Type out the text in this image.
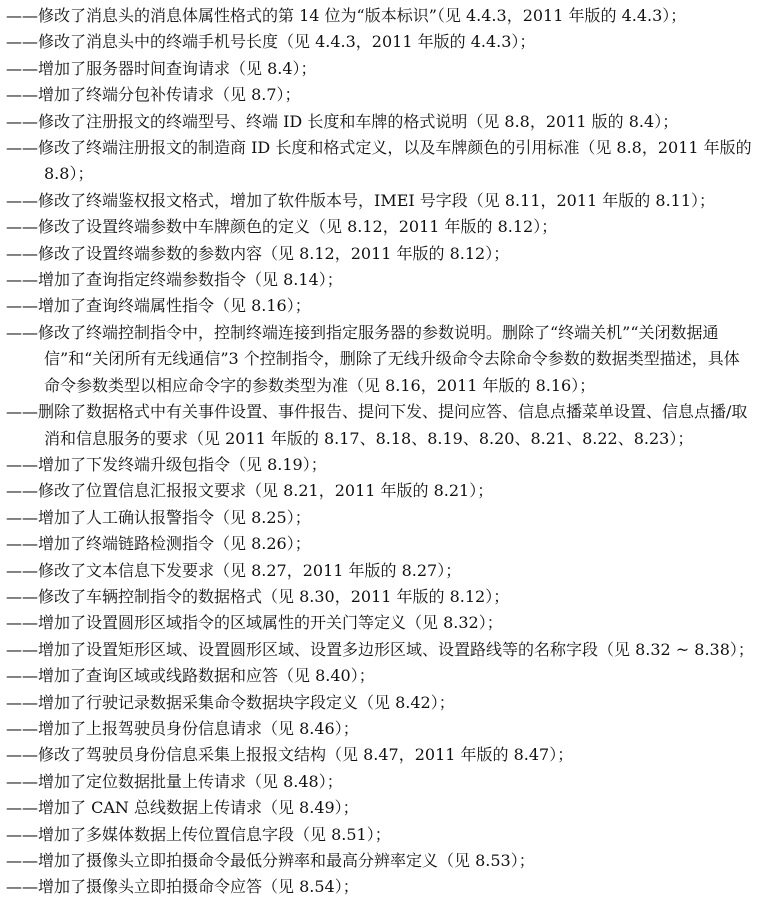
——修改了消息头的消息体属性格式的第 14 位为“版本标识”（见 4.4.3，2011 年版的 4.4.3）；

——修改了消息头中的终端手机号长度（见 4.4.3，2011 年版的 4.4.3）；

——增加了服务器时间查询请求（见 8.4）；

——增加了终端分包补传请求（见 8.7）；

——修改了注册报文的终端型号、终端 ID 长度和车牌的格式说明（见 8.8，2011 版的 8.4）；

——修改了终端注册报文的制造商 ID 长度和格式定义，以及车牌颜色的引用标准（见 8.8，2011 年版的 8.8）；

——修改了终端鉴权报文格式，增加了软件版本号，IMEI 号字段（见 8.11，2011 年版的 8.11）；

——修改了设置终端参数中车牌颜色的定义（见 8.12，2011 年版的 8.12）；

——修改了设置终端参数的参数内容（见 8.12，2011 年版的 8.12）；

——增加了查询指定终端参数指令（见 8.14）；

——增加了查询终端属性指令（见 8.16）；

——修改了终端控制指令中，控制终端连接到指定服务器的参数说明。删除了“终端关机”“关闭数据通信”和“关闭所有无线通信”3 个控制指令，删除了无线升级命令去除命令参数的数据类型描述，具体命令参数类型以相应命令字的参数类型为准（见 8.16，2011 年版的 8.16）；

——删除了数据格式中有关事件设置、事件报告、提问下发、提问应答、信息点播菜单设置、信息点播/取消和信息服务的要求（见 2011 年版的 8.17、8.18、8.19、8.20、8.21、8.22、8.23）；

——增加了下发终端升级包指令（见 8.19）；

——修改了位置信息汇报报文要求（见 8.21，2011 年版的 8.21）；

——增加了人工确认报警指令（见 8.25）；

——增加了终端链路检测指令（见 8.26）；

——修改了文本信息下发要求（见 8.27，2011 年版的 8.27）；

——修改了车辆控制指令的数据格式（见 8.30，2011 年版的 8.12）；

——增加了设置圆形区域指令的区域属性的开关门等定义（见 8.32）；

——增加了设置矩形区域、设置圆形区域、设置多边形区域、设置路线等的名称字段（见 8.32 ~ 8.38）；

——增加了查询区域或线路数据和应答（见 8.40）；

——增加了行驶记录数据采集命令数据块字段定义（见 8.42）；

——增加了上报驾驶员身份信息请求（见 8.46）；

——修改了驾驶员身份信息采集上报报文结构（见 8.47，2011 年版的 8.47）；

——增加了定位数据批量上传请求（见 8.48）；

——增加了 CAN 总线数据上传请求（见 8.49）；

——增加了多媒体数据上传位置信息字段（见 8.51）；

——增加了摄像头立即拍摄命令最低分辨率和最高分辨率定义（见 8.53）；

——增加了摄像头立即拍摄命令应答（见 8.54）；
